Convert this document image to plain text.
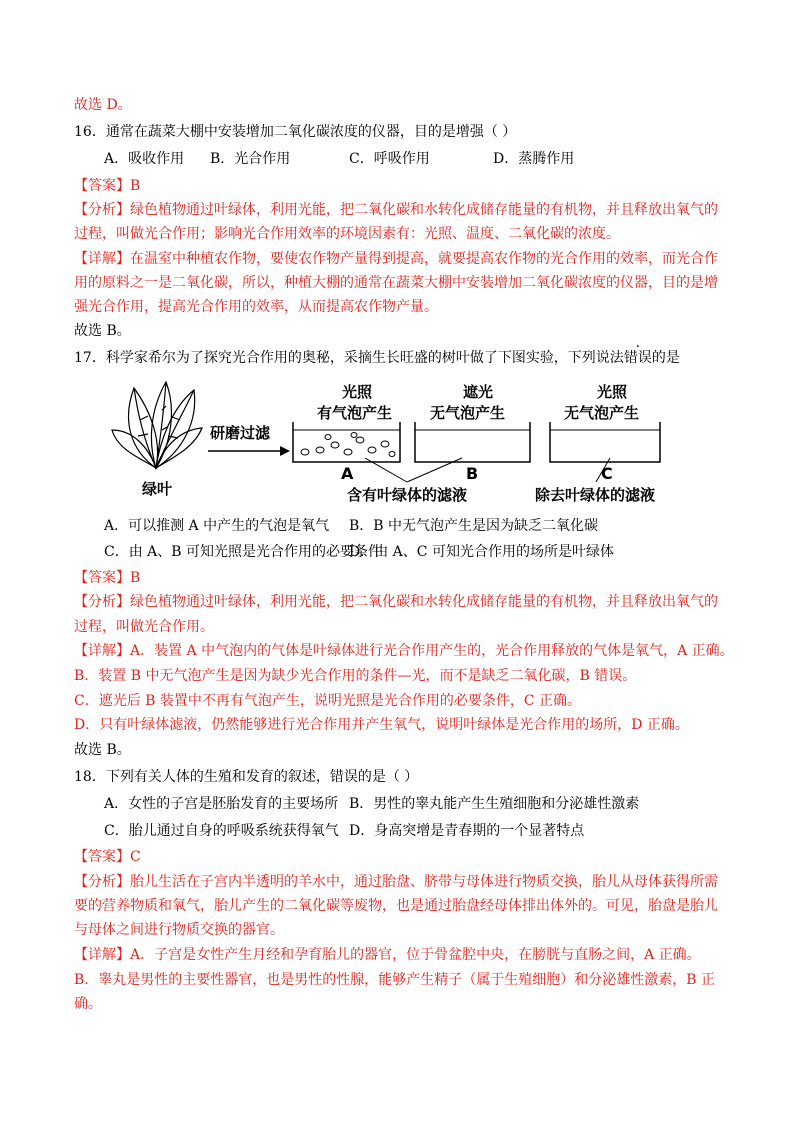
故选 D。
16．通常在蔬菜大棚中安装增加二氧化碳浓度的仪器，目的是增强（ ）
A．吸收作用 B．光合作用	C．呼吸作用	D．蒸腾作用
【答案】B
【分析】绿色植物通过叶绿体，利用光能，把二氧化碳和水转化成储存能量的有机物，并且释放出氧气的
过程，叫做光合作用；影响光合作用效率的环境因素有：光照、温度、二氧化碳的浓度。
【详解】在温室中种植农作物，要使农作物产量得到提高，就要提高农作物的光合作用的效率，而光合作
用的原料之一是二氧化碳，所以，种植大棚的通常在蔬菜大棚中安装增加二氧化碳浓度的仪器，目的是增
强光合作用，提高光合作用的效率，从而提高农作物产量。
故选 B。
17．科学家希尔为了探究光合作用的奥秘，采摘生长旺盛的树叶做了下图实验，下列说法错误的是
绿叶
研磨过滤
光照
有气泡产生
A
遮光
无气泡产生
B
含有叶绿体的滤液
光照
无气泡产生
C
除去叶绿体的滤液
A．可以推测 A 中产生的气泡是氧气 B．B 中无气泡产生是因为缺乏二氧化碳
C．由 A、B 可知光照是光合作用的必要条件
D．由 A、C 可知光合作用的场所是叶绿体
【答案】B
【分析】绿色植物通过叶绿体，利用光能，把二氧化碳和水转化成储存能量的有机物，并且释放出氧气的
过程，叫做光合作用。
【详解】A．装置 A 中气泡内的气体是叶绿体进行光合作用产生的，光合作用释放的气体是氧气，A 正确。
B．装置 B 中无气泡产生是因为缺少光合作用的条件—光，而不是缺乏二氧化碳，B 错误。
C．遮光后 B 装置中不再有气泡产生，说明光照是光合作用的必要条件，C 正确。
D．只有叶绿体滤液，仍然能够进行光合作用并产生氧气，说明叶绿体是光合作用的场所，D 正确。
故选 B。
18．下列有关人体的生殖和发育的叙述，错误的是（ ）
A．女性的子宫是胚胎发育的主要场所 B．男性的睾丸能产生生殖细胞和分泌雄性激素
C．胎儿通过自身的呼吸系统获得氧气 D．身高突增是青春期的一个显著特点
【答案】C
【分析】胎儿生活在子宫内半透明的羊水中，通过胎盘、脐带与母体进行物质交换，胎儿从母体获得所需
要的营养物质和氧气，胎儿产生的二氧化碳等废物，也是通过胎盘经母体排出体外的。可见，胎盘是胎儿
与母体之间进行物质交换的器官。
【详解】A．子宫是女性产生月经和孕育胎儿的器官，位于骨盆腔中央，在膀胱与直肠之间，A 正确。
B．睾丸是男性的主要性器官，也是男性的性腺，能够产生精子（属于生殖细胞）和分泌雄性激素，B 正
确。
